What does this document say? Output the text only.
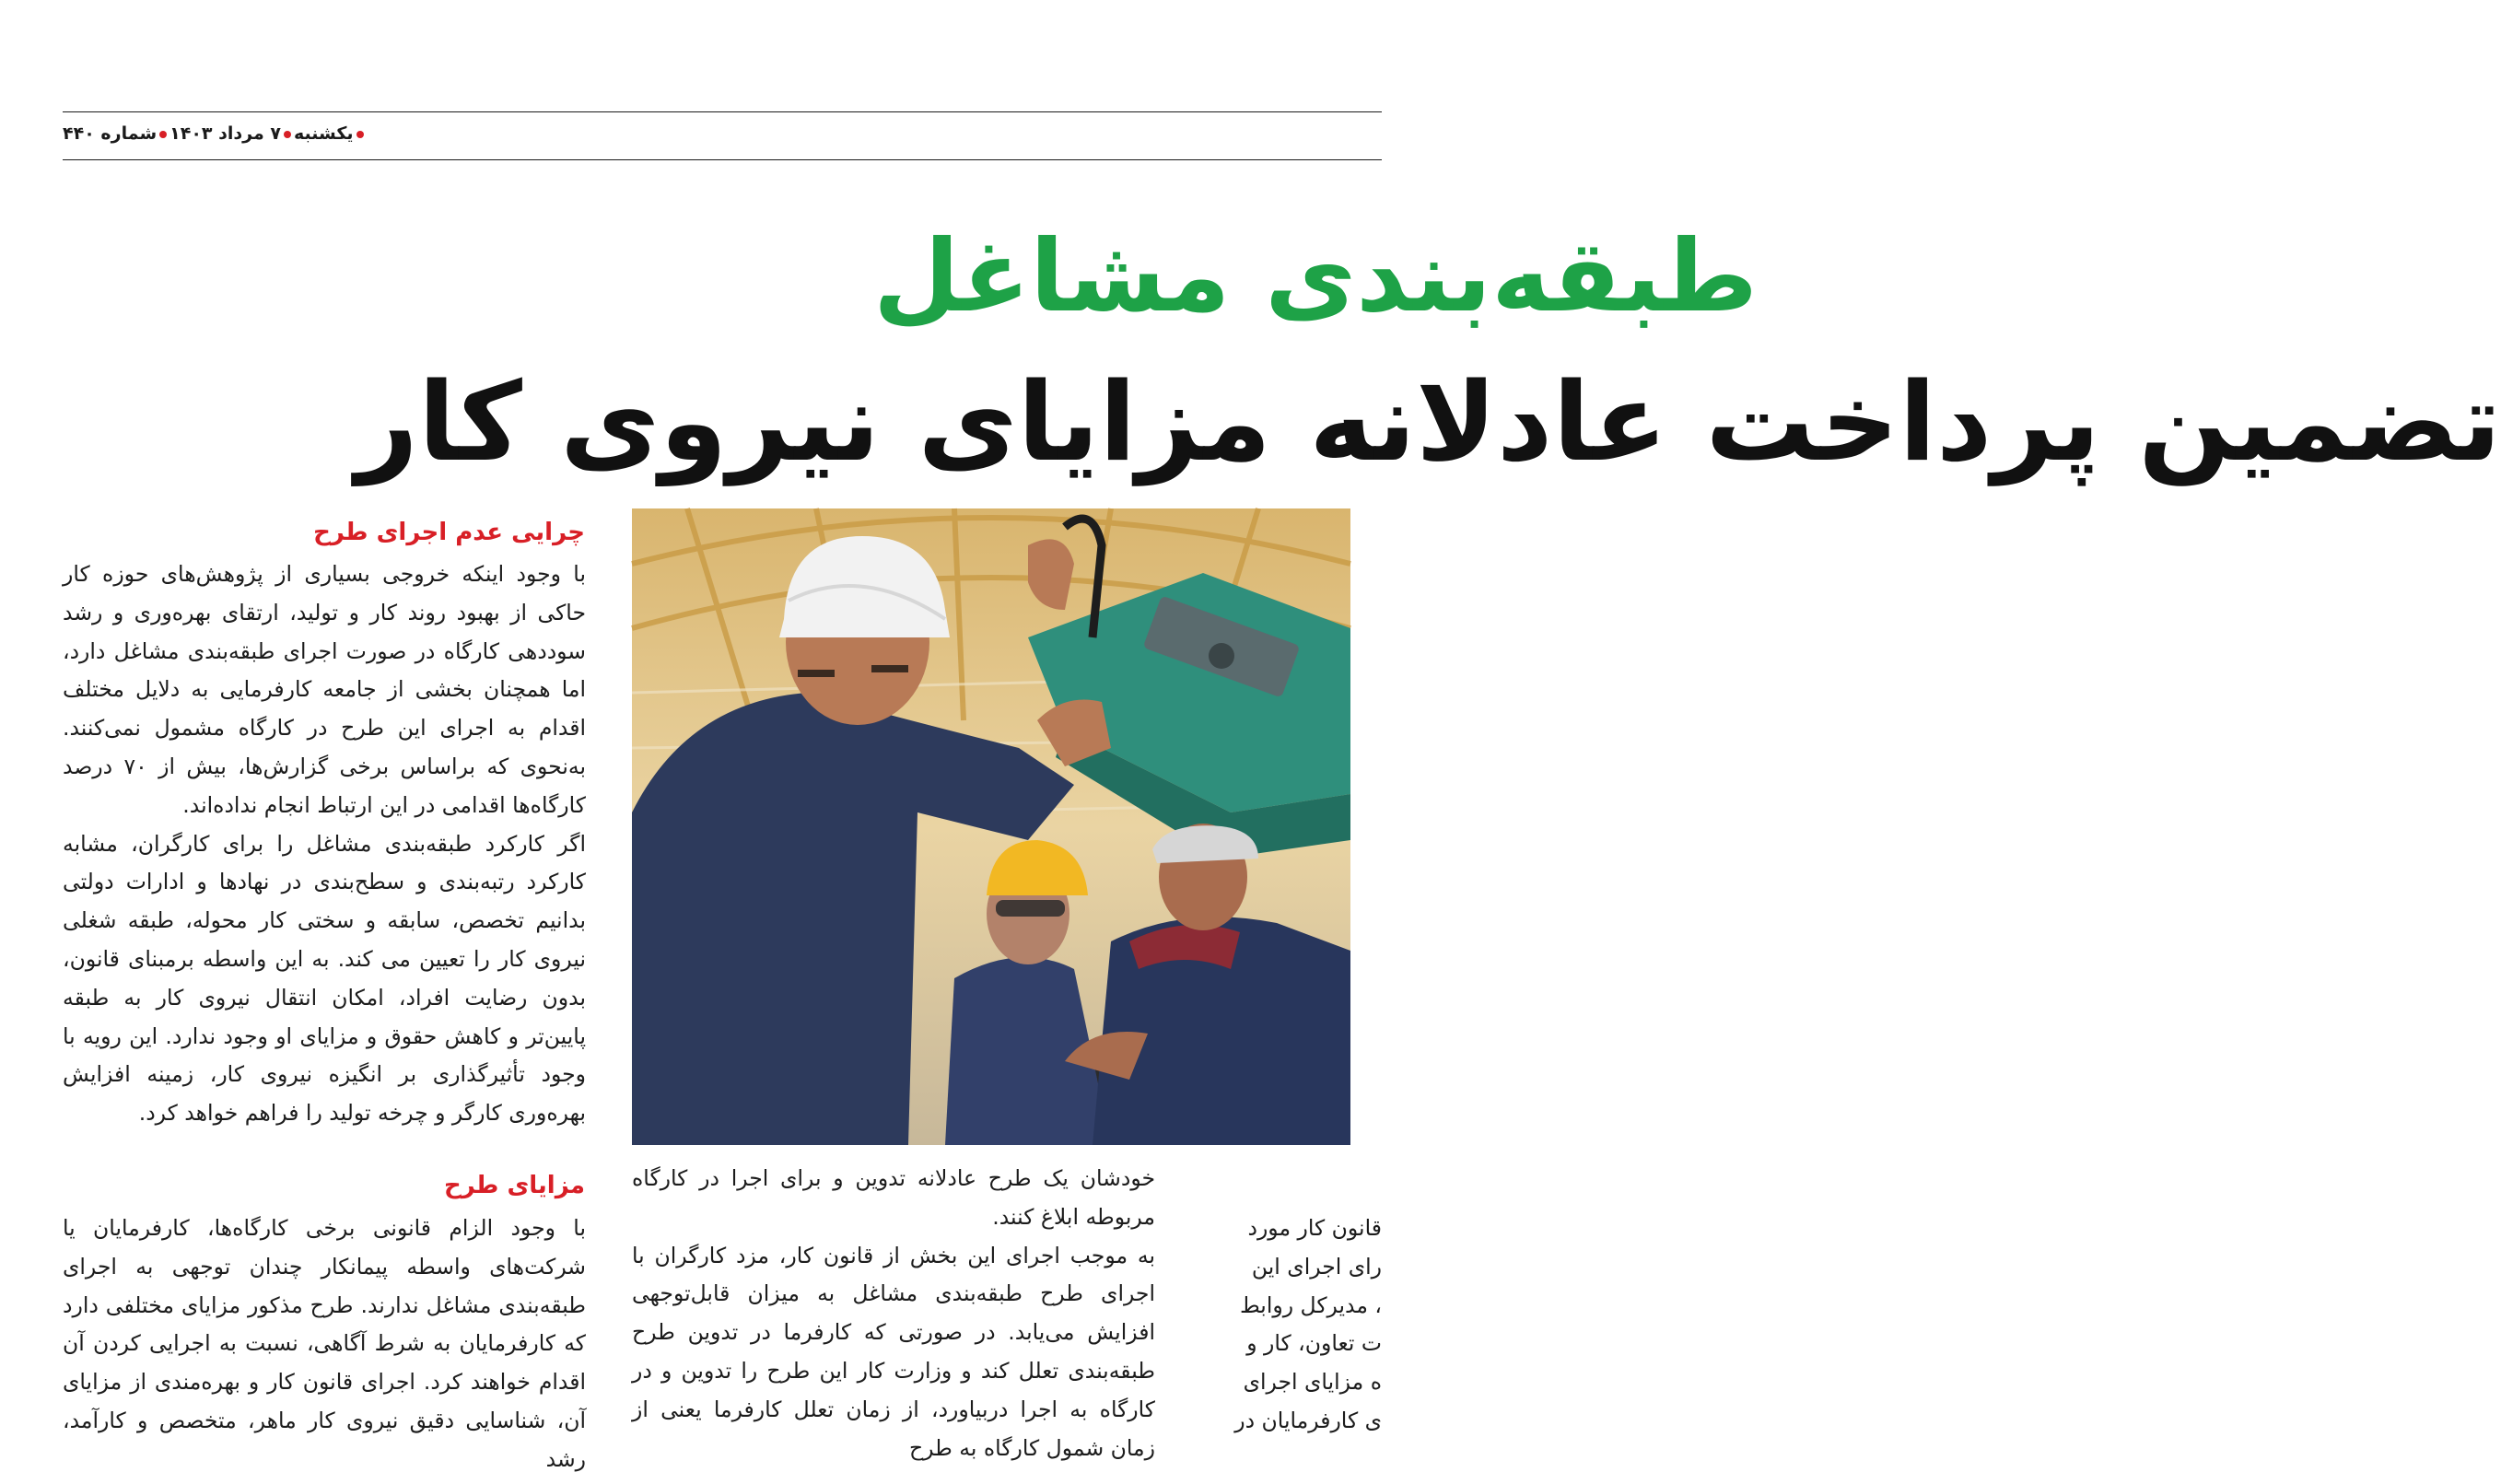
یکشنبه۷ مرداد ۱۴۰۳شماره ۴۴۰
طبقه‌بندی مشاغل
تضمین پرداخت عادلانه مزایای نیروی کار
چرایی عدم اجرای طرح

با وجود اینکه خروجی بسیاری از پژوهش‌های حوزه کار حاکی از بهبود روند کار و تولید، ارتقای بهره‌وری و رشد سوددهی کارگاه در صورت اجرای طبقه‌بندی مشاغل دارد، اما همچنان بخشی از جامعه کارفرمایی به دلایل مختلف اقدام به اجرای این طرح در کارگاه مشمول نمی‌کنند. به‌نحوی که براساس برخی گزارش‌ها، بیش از ۷۰ درصد کارگاه‌ها اقدامی در این ارتباط انجام نداده‌اند.

اگر کارکرد طبقه‌بندی مشاغل را برای کارگران، مشابه کارکرد رتبه‌بندی و سطح‌بندی در نهادها و ادارات دولتی بدانیم تخصص، سابقه و سختی کار محوله، طبقه شغلی نیروی کار را تعیین می کند. به این واسطه برمبنای قانون، بدون رضایت افراد، امکان انتقال نیروی کار به طبقه پایین‌تر و کاهش حقوق و مزایای او وجود ندارد. این رویه با وجود تأثیرگذاری بر انگیزه نیروی کار، زمینه افزایش بهره‌وری کارگر و چرخه تولید را فراهم خواهد کرد.

مزایای طرح

با وجود الزام قانونی برخی کارگاه‌ها، کارفرمایان یا شرکت‌های واسطه پیمانکار چندان توجهی به اجرای طبقه‌بندی مشاغل ندارند. طرح مذکور مزایای مختلفی دارد که کارفرمایان به شرط آگاهی، نسبت به اجرایی کردن آن اقدام خواهند کرد. اجرای قانون کار و بهره‌مندی از مزایای آن، شناسایی دقیق نیروی کار ماهر، متخصص و کارآمد، رشد

خودشان یک طرح عادلانه تدوین و برای اجرا در کارگاه مربوطه ابلاغ کنند.

به موجب اجرای این بخش از قانون کار، مزد کارگران با اجرای طرح طبقه‌بندی مشاغل به میزان قابل‌توجهی افزایش می‌یابد. در صورتی که کارفرما در تدوین طرح طبقه‌بندی تعلل کند و وزارت کار این طرح را تدوین و در کارگاه به اجرا دربیاورد، از زمان تعلل کارفرما یعنی از زمان شمول کارگاه به طرح

قانون کار مورد
رای اجرای این
، مدیرکل روابط
ت تعاون، کار و
ه مزایای اجرای
ی کارفرمایان در
